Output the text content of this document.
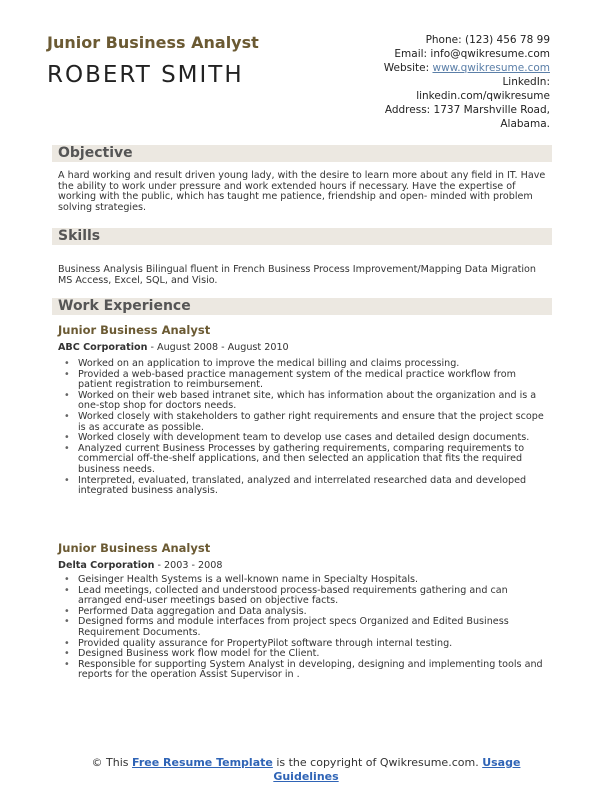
Junior Business Analyst
ROBERT SMITH
Phone: (123) 456 78 99
Email: info@qwikresume.com
Website: www.qwikresume.com
LinkedIn:
linkedin.com/qwikresume
Address: 1737 Marshville Road,
Alabama.
Objective
A hard working and result driven young lady, with the desire to learn more about any field in IT. Have the ability to work under pressure and work extended hours if necessary. Have the expertise of working with the public, which has taught me patience, friendship and open- minded with problem solving strategies.
Skills
Business Analysis Bilingual fluent in French Business Process Improvement/Mapping Data Migration MS Access, Excel, SQL, and Visio.
Work Experience
Junior Business Analyst
ABC Corporation - August 2008 - August 2010
• Worked on an application to improve the medical billing and claims processing.
• Provided a web-based practice management system of the medical practice workflow from patient registration to reimbursement.
• Worked on their web based intranet site, which has information about the organization and is a one-stop shop for doctors needs.
• Worked closely with stakeholders to gather right requirements and ensure that the project scope is as accurate as possible.
• Worked closely with development team to develop use cases and detailed design documents.
• Analyzed current Business Processes by gathering requirements, comparing requirements to commercial off-the-shelf applications, and then selected an application that fits the required business needs.
• Interpreted, evaluated, translated, analyzed and interrelated researched data and developed integrated business analysis.
Junior Business Analyst
Delta Corporation - 2003 - 2008
• Geisinger Health Systems is a well-known name in Specialty Hospitals.
• Lead meetings, collected and understood process-based requirements gathering and can arranged end-user meetings based on objective facts.
• Performed Data aggregation and Data analysis.
• Designed forms and module interfaces from project specs Organized and Edited Business Requirement Documents.
• Provided quality assurance for PropertyPilot software through internal testing.
• Designed Business work flow model for the Client.
• Responsible for supporting System Analyst in developing, designing and implementing tools and reports for the operation Assist Supervisor in .
© This Free Resume Template is the copyright of Qwikresume.com. Usage Guidelines
